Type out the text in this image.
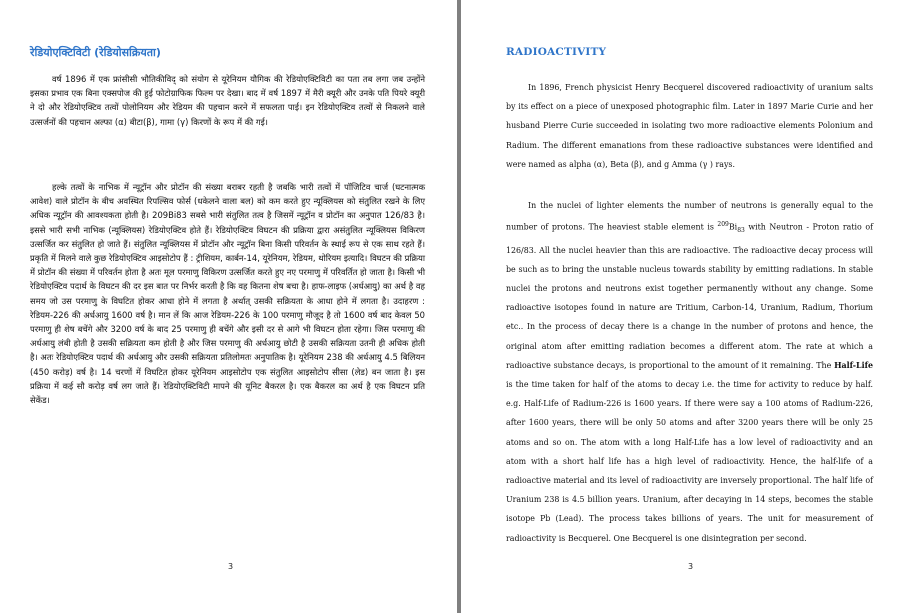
रेडियोएक्टिविटी (रेडियोसक्रियता)
वर्ष 1896 में एक फ्रांसीसी भौतिकीविद् को संयोग से यूरेनियम यौगिक की रेडियोएक्टिविटी का पता तब लगा जब उन्होंने इसका प्रभाव एक बिना एक्सपोज की हुई फोटोग्राफिक फिल्म पर देखा। बाद में वर्ष 1897 में मैरी क्यूरी और उनके पति पियरे क्यूरी ने दो और रेडियोएक्टिव तत्वों पोलोनियम और रेडियम की पहचान करने में सफलता पाई। इन रेडियोएक्टिव तत्वों से निकलने वाले उत्सर्जनों की पहचान अल्फा (α) बीटा(β), गामा (γ) किरणों के रूप में की गई।
हल्के तत्वों के नाभिक में न्यूट्रॉन और प्रोटॉन की संख्या बराबर रहती है जबकि भारी तत्वों में पॉजिटिव चार्ज (घटनात्मक आवेश) वाले प्रोटॉन के बीच अवस्थित रिपल्सिव फोर्स (धकेलने वाला बल) को कम करते हुए न्यूक्लियस को संतुलित रखने के लिए अधिक न्यूट्रॉन की आवश्यकता होती है। 209Bi83 सबसे भारी संतुलित तत्व है जिसमें न्यूट्रॉन व प्रोटॉन का अनुपात 126/83 है। इससे भारी सभी नाभिक (न्यूक्लियस) रेडियोएक्टिव होते हैं। रेडियोएक्टिव विघटन की प्रक्रिया द्वारा असंतुलित न्यूक्लियस विकिरण उत्सर्जित कर संतुलित हो जाते हैं। संतुलित न्यूक्लियस में प्रोटॉन और न्यूट्रॉन बिना किसी परिवर्तन के स्थाई रूप से एक साथ रहते हैं। प्रकृति में मिलने वाले कुछ रेडियोएक्टिव आइसोटोप हैं : ट्रीशियम, कार्बन-14, यूरेनियम, रेडियम, थोरियम इत्यादि। विघटन की प्रक्रिया में प्रोटॉन की संख्या में परिवर्तन होता है अतः मूल परमाणु विकिरण उत्सर्जित करते हुए नए परमाणु में परिवर्तित हो जाता है। किसी भी रेडियोएक्टिव पदार्थ के विघटन की दर इस बात पर निर्भर करती है कि वह कितना शेष बचा है। हाफ-लाइफ (अर्धआयु) का अर्थ है वह समय जो उस परमाणु के विघटित होकर आधा होने में लगता है अर्थात् उसकी सक्रियता के आधा होने में लगता है। उदाहरण : रेडियम-226 की अर्धआयु 1600 वर्ष है। मान लें कि आज रेडियम-226 के 100 परमाणु मौजूद है तो 1600 वर्ष बाद केवल 50 परमाणु ही शेष बचेंगे और 3200 वर्ष के बाद 25 परमाणु ही बचेंगे और इसी दर से आगे भी विघटन होता रहेगा। जिस परमाणु की अर्धआयु लंबी होती है उसकी सक्रियता कम होती है और जिस परमाणु की अर्धआयु छोटी है उसकी सक्रियता उतनी ही अधिक होती है। अतः रेडियोएक्टिव पदार्थ की अर्धआयु और उसकी सक्रियता प्रतिलोमतः अनुपातिक है। यूरेनियम 238 की अर्धआयु 4.5 बिलियन (450 करोड़) वर्ष है। 14 चरणों में विघटित होकर यूरेनियम आइसोटोप एक संतुलित आइसोटोप सीसा (लेड) बन जाता है। इस प्रक्रिया में कई सौ करोड़ वर्ष लग जाते हैं। रेडियोएक्टिविटी मापने की यूनिट बैकरल है। एक बैकरल का अर्थ है एक विघटन प्रति सेकेंड।
3
RADIOACTIVITY
In 1896, French physicist Henry Becquerel discovered radioactivity of uranium salts by its effect on a piece of unexposed photographic film. Later in 1897 Marie Curie and her husband Pierre Curie succeeded in isolating two more radioactive elements Polonium and Radium. The different emanations from these radioactive substances were identified and were named as alpha (α), Beta (β), and g Amma (γ ) rays.
In the nuclei of lighter elements the number of neutrons is generally equal to the number of protons. The heaviest stable element is $^{209}Bi_{83}$ with Neutron - Proton ratio of 126/83. All the nuclei heavier than this are radioactive. The radioactive decay process will be such as to bring the unstable nucleus towards stability by emitting radiations. In stable nuclei the protons and neutrons exist together permanently without any change. Some radioactive isotopes found in nature are Tritium, Carbon-14, Uranium, Radium, Thorium etc.. In the process of decay there is a change in the number of protons and hence, the original atom after emitting radiation becomes a different atom. The rate at which a radioactive substance decays, is proportional to the amount of it remaining. The Half-Life is the time taken for half of the atoms to decay i.e. the time for activity to reduce by half. e.g. Half-Life of Radium-226 is 1600 years. If there were say a 100 atoms of Radium-226, after 1600 years, there will be only 50 atoms and after 3200 years there will be only 25 atoms and so on. The atom with a long Half-Life has a low level of radioactivity and an atom with a short half life has a high level of radioactivity. Hence, the half-life of a radioactive material and its level of radioactivity are inversely proportional. The half life of Uranium 238 is 4.5 billion years. Uranium, after decaying in 14 steps, becomes the stable isotope Pb (Lead). The process takes billions of years. The unit for measurement of radioactivity is Becquerel. One Becquerel is one disintegration per second.
3
